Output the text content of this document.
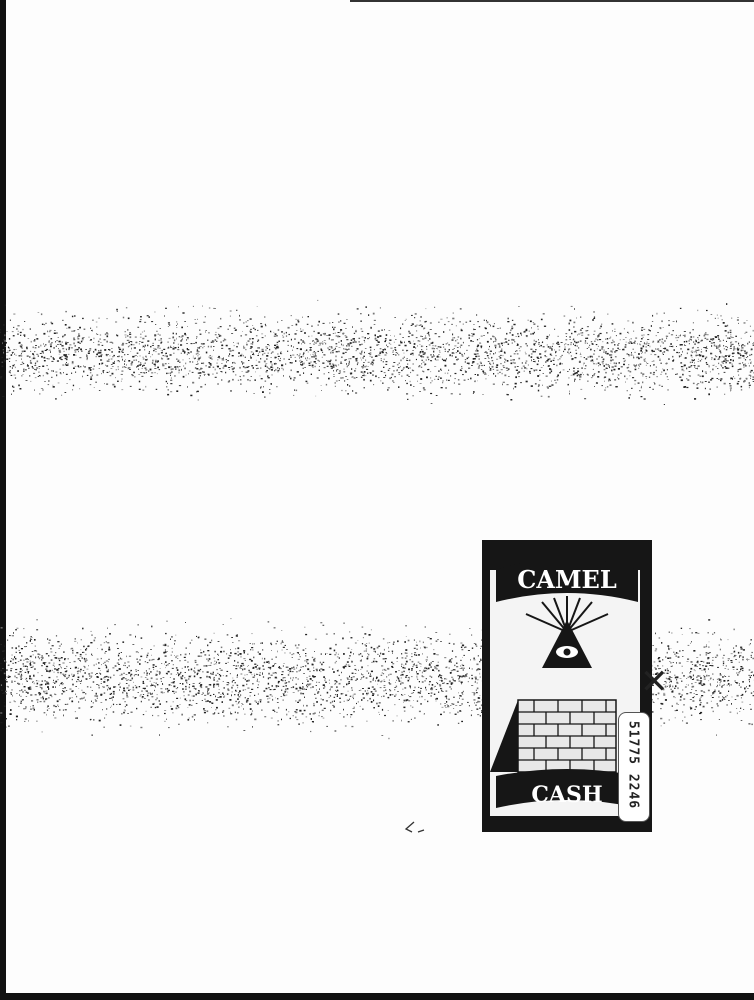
CAMEL
CASH 51775 2246
✕
